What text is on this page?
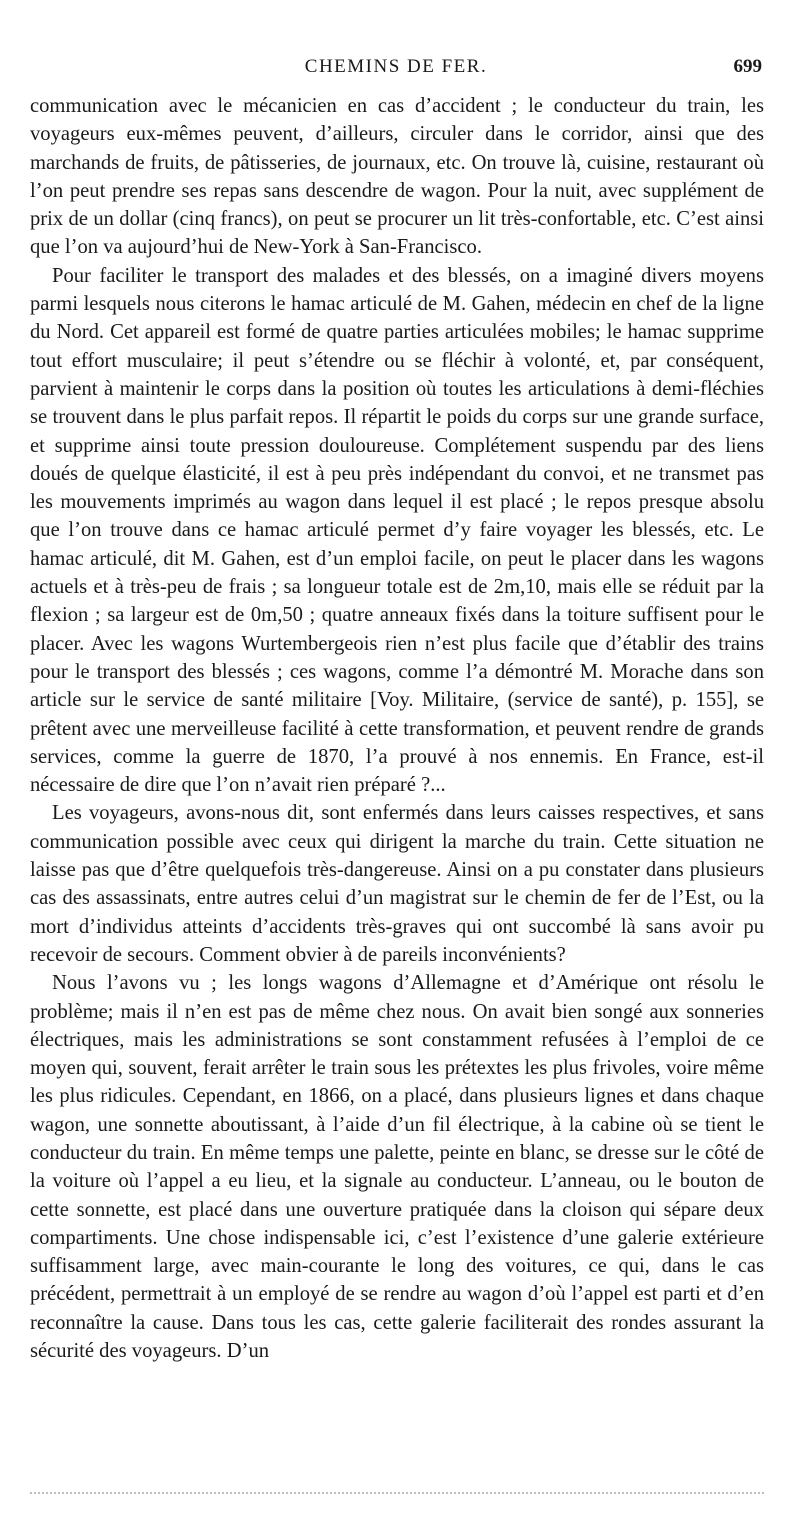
CHEMINS DE FER.	699

communication avec le mécanicien en cas d’accident ; le conducteur du train, les voyageurs eux-mêmes peuvent, d’ailleurs, circuler dans le corridor, ainsi que des marchands de fruits, de pâtisseries, de journaux, etc. On trouve là, cuisine, restaurant où l’on peut prendre ses repas sans descendre de wagon. Pour la nuit, avec supplément de prix de un dollar (cinq francs), on peut se procurer un lit très-confortable, etc. C’est ainsi que l’on va aujourd’hui de New-York à San-Francisco.

Pour faciliter le transport des malades et des blessés, on a imaginé divers moyens parmi lesquels nous citerons le hamac articulé de M. Gahen, médecin en chef de la ligne du Nord. Cet appareil est formé de quatre parties articulées mobiles; le hamac supprime tout effort musculaire; il peut s’étendre ou se fléchir à volonté, et, par conséquent, parvient à maintenir le corps dans la position où toutes les articulations à demi-fléchies se trouvent dans le plus parfait repos. Il répartit le poids du corps sur une grande surface, et supprime ainsi toute pression douloureuse. Complétement suspendu par des liens doués de quelque élasticité, il est à peu près indépendant du convoi, et ne transmet pas les mouvements imprimés au wagon dans lequel il est placé ; le repos presque absolu que l’on trouve dans ce hamac articulé permet d’y faire voyager les blessés, etc. Le hamac articulé, dit M. Gahen, est d’un emploi facile, on peut le placer dans les wagons actuels et à très-peu de frais ; sa longueur totale est de 2m,10, mais elle se réduit par la flexion ; sa largeur est de 0m,50 ; quatre anneaux fixés dans la toiture suffisent pour le placer. Avec les wagons Wurtembergeois rien n’est plus facile que d’établir des trains pour le transport des blessés ; ces wagons, comme l’a démontré M. Morache dans son article sur le service de santé militaire [Voy. Militaire, (service de santé), p. 155], se prêtent avec une merveilleuse facilité à cette transformation, et peuvent rendre de grands services, comme la guerre de 1870, l’a prouvé à nos ennemis. En France, est-il nécessaire de dire que l’on n’avait rien préparé ?...

Les voyageurs, avons-nous dit, sont enfermés dans leurs caisses respectives, et sans communication possible avec ceux qui dirigent la marche du train. Cette situation ne laisse pas que d’être quelquefois très-dangereuse. Ainsi on a pu constater dans plusieurs cas des assassinats, entre autres celui d’un magistrat sur le chemin de fer de l’Est, ou la mort d’individus atteints d’accidents très-graves qui ont succombé là sans avoir pu recevoir de secours. Comment obvier à de pareils inconvénients?

Nous l’avons vu ; les longs wagons d’Allemagne et d’Amérique ont résolu le problème; mais il n’en est pas de même chez nous. On avait bien songé aux sonneries électriques, mais les administrations se sont constamment refusées à l’emploi de ce moyen qui, souvent, ferait arrêter le train sous les prétextes les plus frivoles, voire même les plus ridicules. Cependant, en 1866, on a placé, dans plusieurs lignes et dans chaque wagon, une sonnette aboutissant, à l’aide d’un fil électrique, à la cabine où se tient le conducteur du train. En même temps une palette, peinte en blanc, se dresse sur le côté de la voiture où l’appel a eu lieu, et la signale au conducteur. L’anneau, ou le bouton de cette sonnette, est placé dans une ouverture pratiquée dans la cloison qui sépare deux compartiments. Une chose indispensable ici, c’est l’existence d’une galerie extérieure suffisamment large, avec main-courante le long des voitures, ce qui, dans le cas précédent, permettrait à un employé de se rendre au wagon d’où l’appel est parti et d’en reconnaître la cause. Dans tous les cas, cette galerie faciliterait des rondes assurant la sécurité des voyageurs. D’un
